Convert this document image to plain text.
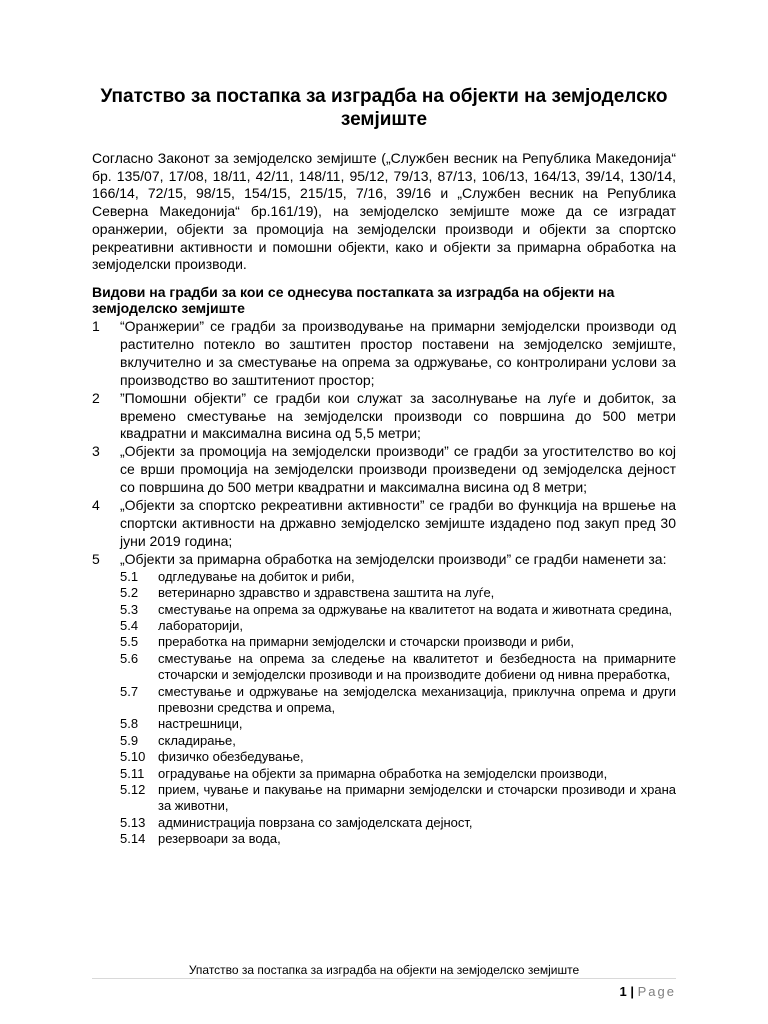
Упатство за постапка за изградба на објекти на земјоделско земјиште
Согласно Законот за земјоделско земјиште („Службен весник на Република Македонија“ бр. 135/07, 17/08, 18/11, 42/11, 148/11, 95/12, 79/13, 87/13, 106/13, 164/13, 39/14, 130/14, 166/14, 72/15, 98/15, 154/15, 215/15, 7/16, 39/16 и „Службен весник на Република Северна Македонија“ бр.161/19), на земјоделско земјиште може да се изградат оранжерии, објекти за промоција на земјоделски производи и објекти за спортско рекреативни активности и помошни објекти, како и објекти за примарна обработка на земјоделски производи.
Видови на градби за кои се однесува постапката за изградба на објекти на земјоделско земјиште
1	“Оранжерии” се градби за производување на примарни земјоделски производи од растително потекло во заштитен простор поставени на земјоделско земјиште, вклучително и за сместување на опрема за одржување, со контролирани услови за производство во заштитениот простор;
2	”Помошни објекти” се градби кои служат за засолнување на луѓе и добиток, за времено сместување на земјоделски производи со површина до 500 метри квадратни и максимална висина од 5,5 метри;
3	„Објекти за промоција на земјоделски производи” се градби за угостителство во кој се врши промоција на земјоделски производи произведени од земјоделска дејност со површина до 500 метри квадратни и максимална висина од 8 метри;
4	„Објекти за спортско рекреативни активности” се градби во функција на вршење на спортски активности на државно земјоделско земјиште издадено под закуп пред 30 јуни 2019 година;
5	„Објекти за примарна обработка на земјоделски производи” се градби наменети за:
5.1	одгледување на добиток и риби,
5.2	ветеринарно здравство и здравствена заштита на луѓе,
5.3	сместување на опрема за одржување на квалитетот на водата и животната средина,
5.4	лабораторији,
5.5	преработка на примарни земјоделски и сточарски производи и риби,
5.6	сместување на опрема за следење на квалитетот и безбедноста на примарните сточарски и земјоделски прозиводи и на производите добиени од нивна преработка,
5.7	сместување и одржување на земјоделска механизација, приклучна опрема и други превозни средства и опрема,
5.8	настрешници,
5.9	складирање,
5.10 физичко обезбедување,
5.11	оградување на објекти за примарна обработка на земјоделски производи,
5.12 прием, чување и пакување на примарни земјоделски и сточарски прозиводи и храна за животни,
5.13 администрација поврзана со замјоделската дејност,
5.14 резервоари за вода,
Упатство за постапка за изградба на објекти на земјоделско земјиште
1 | Page
